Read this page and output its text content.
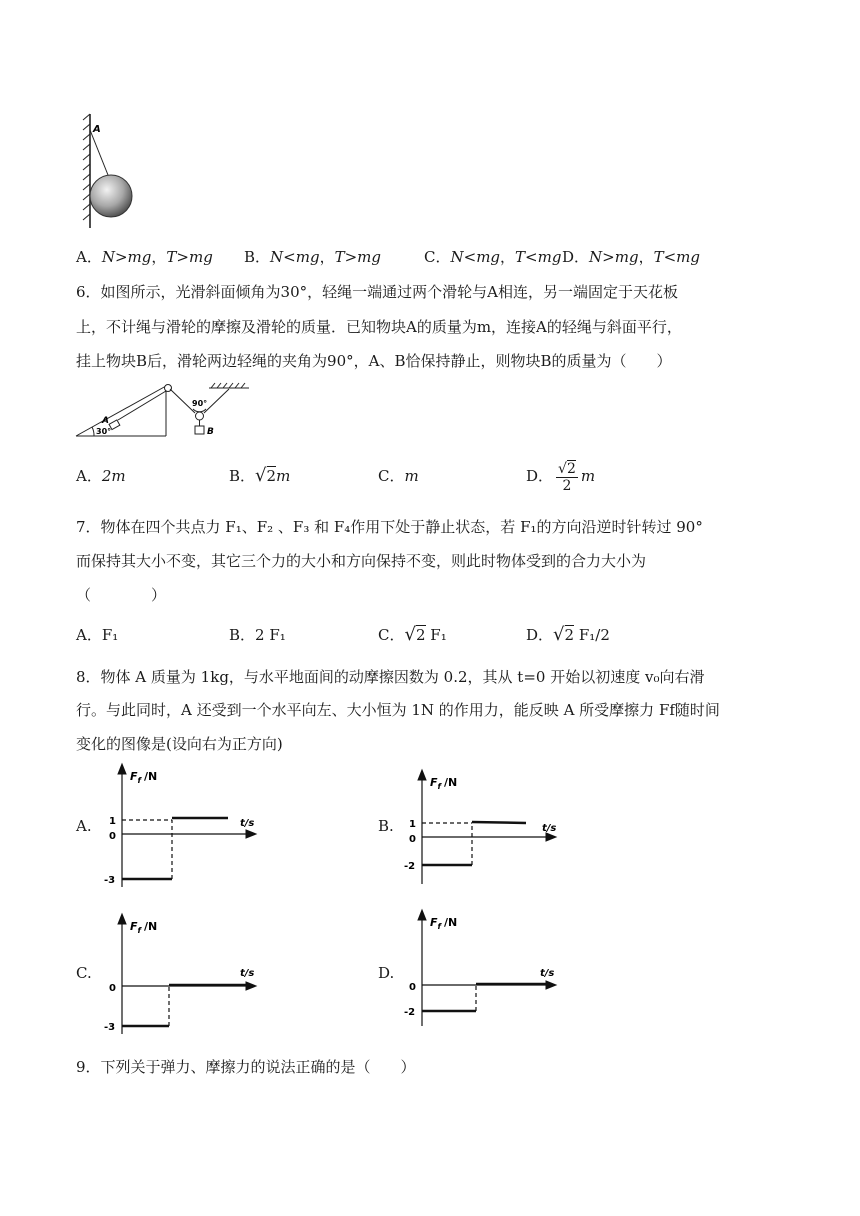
A
A．N>mg，T>mg B．N<mg，T>mg	C．N<mg，T<mg D．N>mg，T<mg
6．如图所示，光滑斜面倾角为30°，轻绳一端通过两个滑轮与A相连，另一端固定于天花板
上，不计绳与滑轮的摩擦及滑轮的质量．已知物块A的质量为m，连接A的轻绳与斜面平行，
挂上物块B后，滑轮两边轻绳的夹角为90°，A、B恰保持静止，则物块B的质量为（　　）
A
30°
90°
B
A．2m	B．√2m	C．m	D． $\frac{√2}{2}$ m
7．物体在四个共点力 F₁、F₂ 、F₃ 和 F₄作用下处于静止状态，若 F₁的方向沿逆时针转过 90°
而保持其大小不变，其它三个力的大小和方向保持不变，则此时物体受到的合力大小为
（　　　　）
A．F₁	B．2 F₁	C．√2 F₁	D．√2 F₁/2
8．物体 A 质量为 1kg，与水平地面间的动摩擦因数为 0.2，其从 t=0 开始以初速度 v₀向右滑
行。与此同时，A 还受到一个水平向左、大小恒为 1N 的作用力，能反映 A 所受摩擦力 Ff随时间
变化的图像是(设向右为正方向)
A.
$F_f$ /N
t/s
1
0
-3
B.
$F_f$ /N
t/s
1
0
-2
C.
$F_f$ /N
t/s
0
-3
D.
$F_f$ /N
t/s
0
-2
9．下列关于弹力、摩擦力的说法正确的是（　　）
